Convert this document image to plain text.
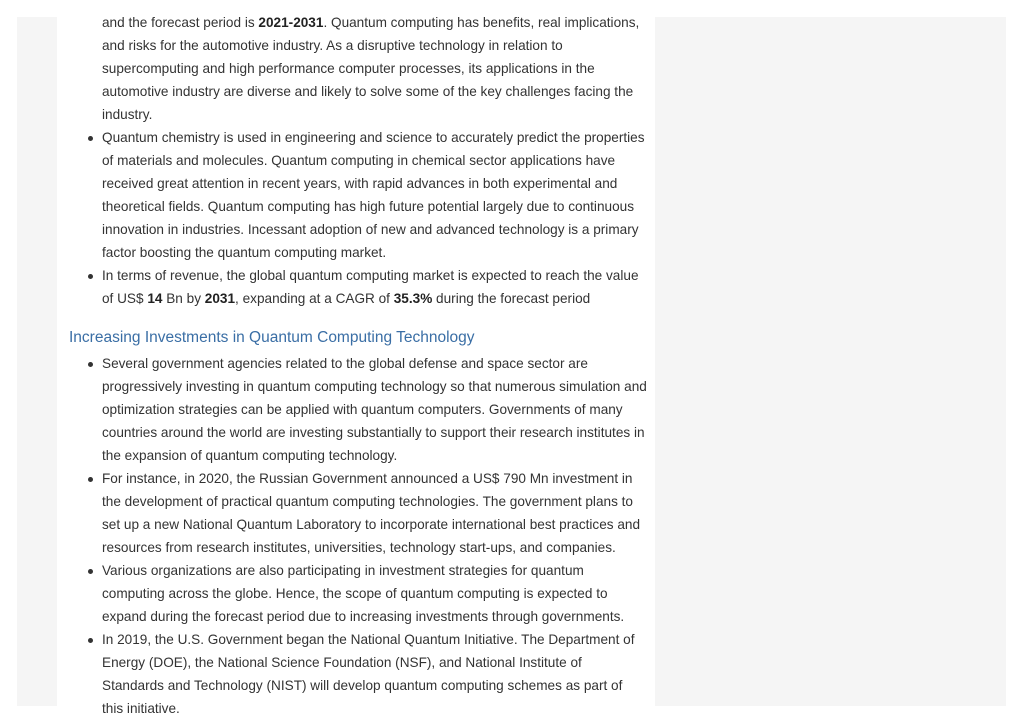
and the forecast period is 2021-2031. Quantum computing has benefits, real implications, and risks for the automotive industry. As a disruptive technology in relation to supercomputing and high performance computer processes, its applications in the automotive industry are diverse and likely to solve some of the key challenges facing the industry.

Quantum chemistry is used in engineering and science to accurately predict the properties of materials and molecules. Quantum computing in chemical sector applications have received great attention in recent years, with rapid advances in both experimental and theoretical fields. Quantum computing has high future potential largely due to continuous innovation in industries. Incessant adoption of new and advanced technology is a primary factor boosting the quantum computing market.
In terms of revenue, the global quantum computing market is expected to reach the value of US$ 14 Bn by 2031, expanding at a CAGR of 35.3% during the forecast period
Increasing Investments in Quantum Computing Technology
Several government agencies related to the global defense and space sector are progressively investing in quantum computing technology so that numerous simulation and optimization strategies can be applied with quantum computers. Governments of many countries around the world are investing substantially to support their research institutes in the expansion of quantum computing technology.
For instance, in 2020, the Russian Government announced a US$ 790 Mn investment in the development of practical quantum computing technologies. The government plans to set up a new National Quantum Laboratory to incorporate international best practices and resources from research institutes, universities, technology start-ups, and companies.
Various organizations are also participating in investment strategies for quantum computing across the globe. Hence, the scope of quantum computing is expected to expand during the forecast period due to increasing investments through governments.
In 2019, the U.S. Government began the National Quantum Initiative. The Department of Energy (DOE), the National Science Foundation (NSF), and National Institute of Standards and Technology (NIST) will develop quantum computing schemes as part of this initiative.
